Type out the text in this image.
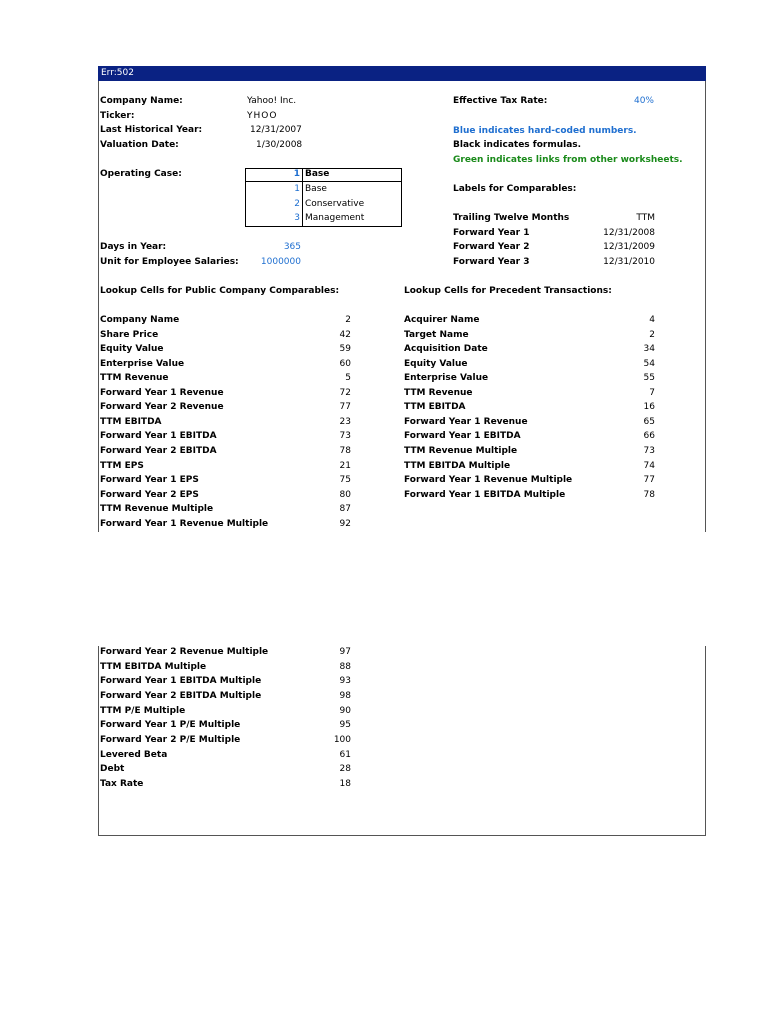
Err:502
Company Name:	Yahoo! Inc.
Ticker:	YHOO
Last Historical Year:	12/31/2007
Valuation Date:	1/30/2008
Operating Case:	1 Base
1 Base
2 Conservative
3 Management
Days in Year:	365
Unit for Employee Salaries:	1000000
Effective Tax Rate:	40%
Blue indicates hard-coded numbers.
Black indicates formulas.
Green indicates links from other worksheets.
Labels for Comparables:
Trailing Twelve Months	TTM
Forward Year 1	12/31/2008
Forward Year 2	12/31/2009
Forward Year 3	12/31/2010
Lookup Cells for Public Company Comparables:	Lookup Cells for Precedent Transactions:
Company Name	2
Share Price	42
Equity Value	59
Enterprise Value	60
TTM Revenue	5
Forward Year 1 Revenue	72
Forward Year 2 Revenue	77
TTM EBITDA	23
Forward Year 1 EBITDA	73
Forward Year 2 EBITDA	78
TTM EPS	21
Forward Year 1 EPS	75
Forward Year 2 EPS	80
TTM Revenue Multiple	87
Forward Year 1 Revenue Multiple	92
Acquirer Name	4
Target Name	2
Acquisition Date	34
Equity Value	54
Enterprise Value	55
TTM Revenue	7
TTM EBITDA	16
Forward Year 1 Revenue	65
Forward Year 1 EBITDA	66
TTM Revenue Multiple	73
TTM EBITDA Multiple	74
Forward Year 1 Revenue Multiple	77
Forward Year 1 EBITDA Multiple	78
Forward Year 2 Revenue Multiple	97
TTM EBITDA Multiple	88
Forward Year 1 EBITDA Multiple	93
Forward Year 2 EBITDA Multiple	98
TTM P/E Multiple	90
Forward Year 1 P/E Multiple	95
Forward Year 2 P/E Multiple	100
Levered Beta	61
Debt	28
Tax Rate	18
